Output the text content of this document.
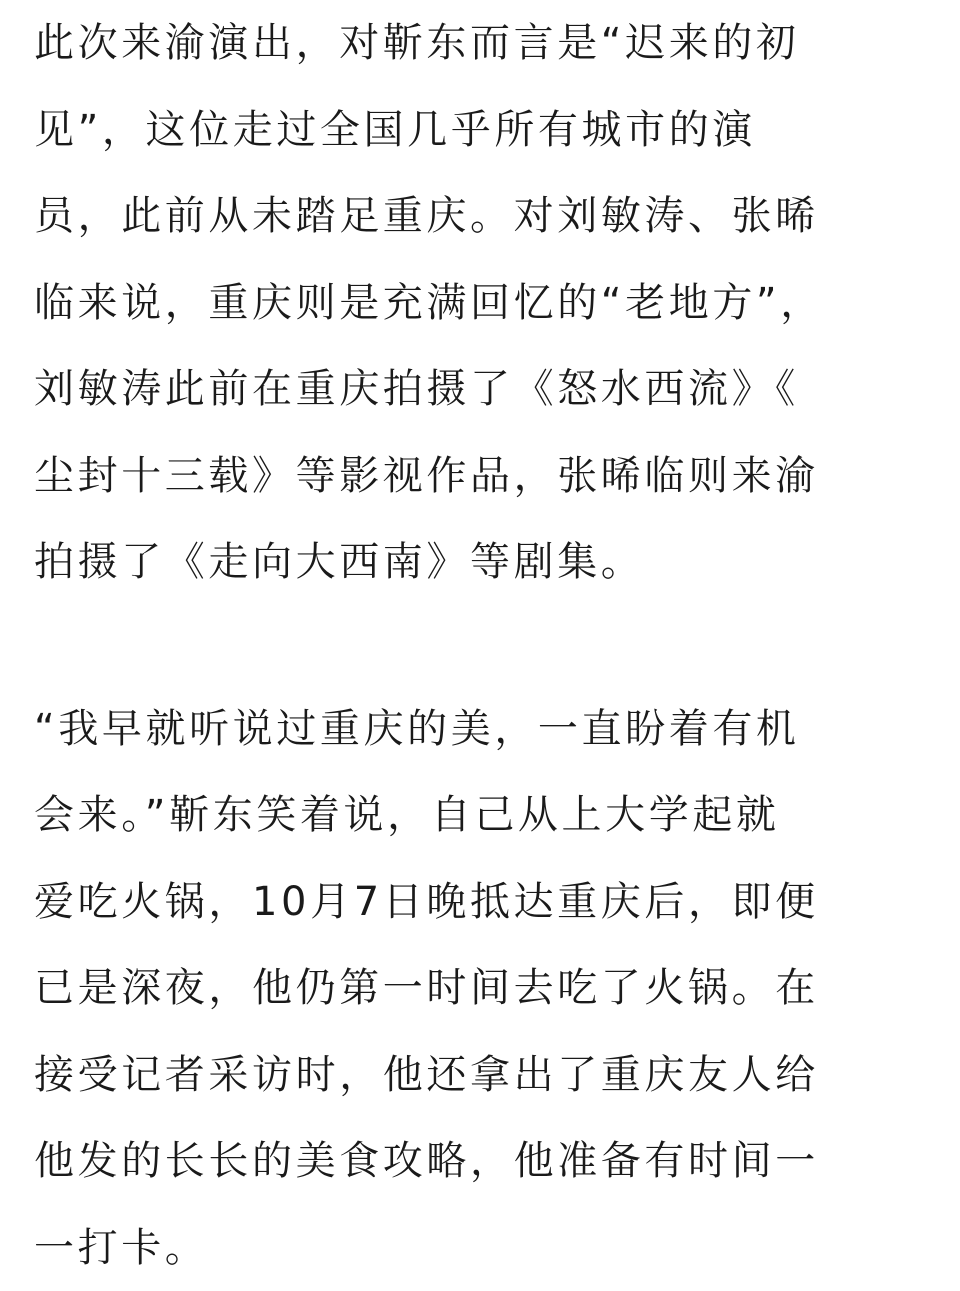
此次来渝演出，对靳东而言是“迟来的初
见”，这位走过全国几乎所有城市的演
员，此前从未踏足重庆。对刘敏涛、张晞
临来说，重庆则是充满回忆的“老地方”，
刘敏涛此前在重庆拍摄了《怒水西流》《
尘封十三载》等影视作品，张晞临则来渝
拍摄了《走向大西南》等剧集。
“我早就听说过重庆的美，一直盼着有机
会来。”靳东笑着说，自己从上大学起就
爱吃火锅，10月7日晚抵达重庆后，即便
已是深夜，他仍第一时间去吃了火锅。在
接受记者采访时，他还拿出了重庆友人给
他发的长长的美食攻略，他准备有时间一
一打卡。
